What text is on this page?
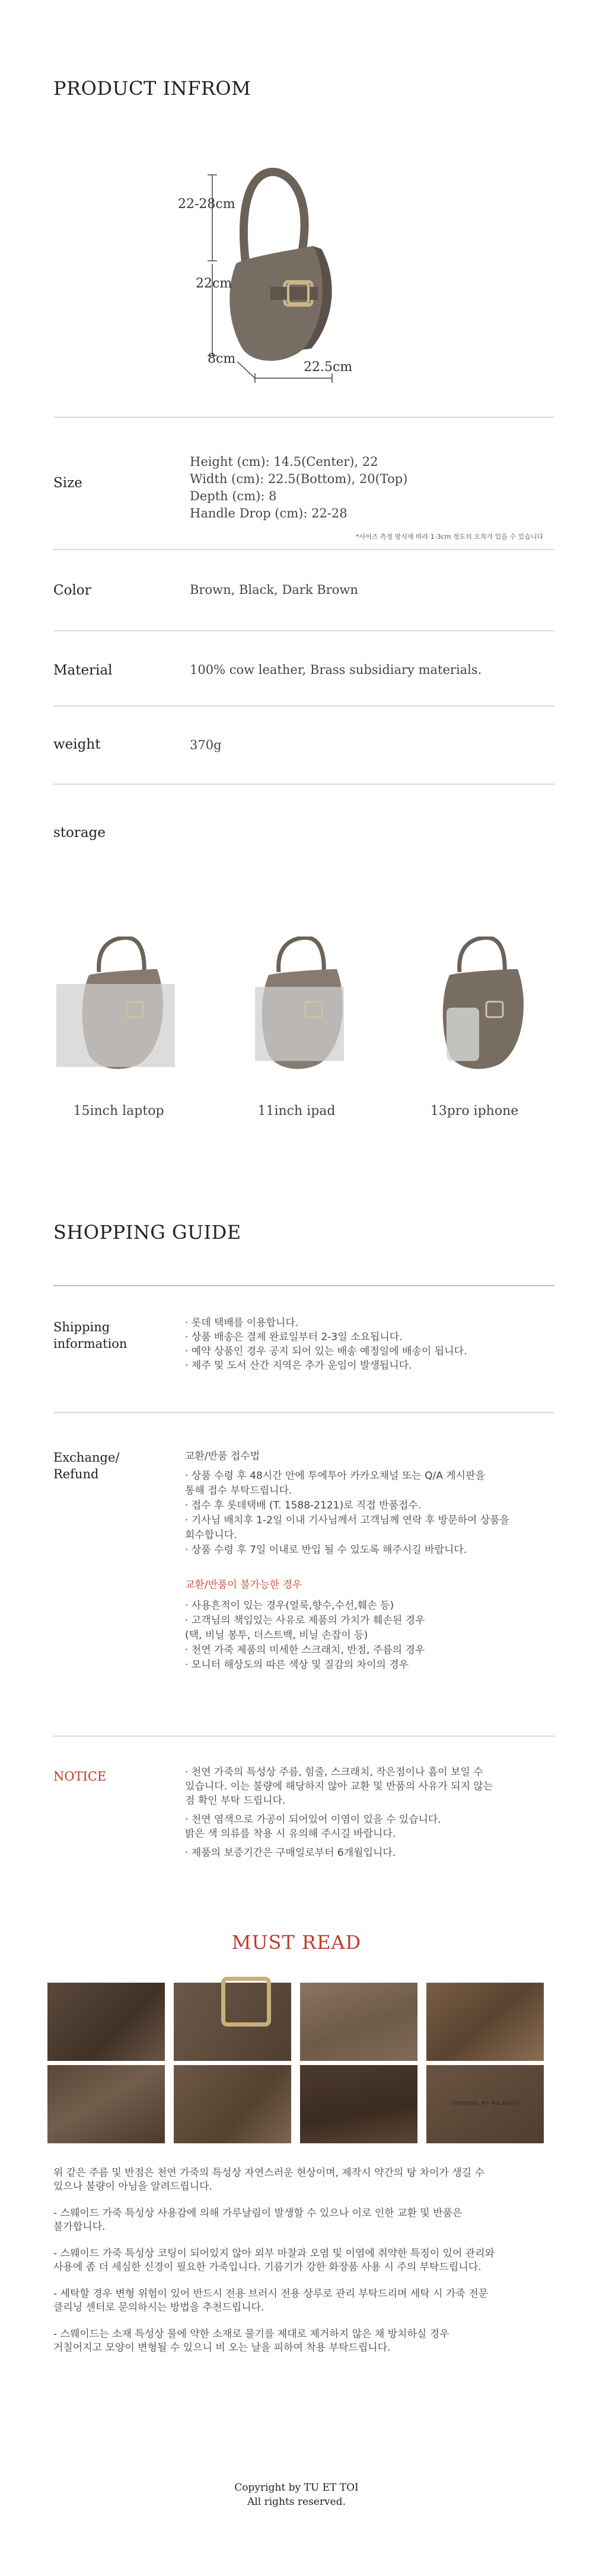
PRODUCT INFROM
22-28cm
22cm
8cm
22.5cm
Size
Height (cm): 14.5(Center), 22
Width (cm): 22.5(Bottom), 20(Top)
Depth (cm): 8
Handle Drop (cm): 22-28
*사이즈 측정 방식에 따라 1-3cm 정도의 오차가 있을 수 있습니다
Color	Brown, Black, Dark Brown
Material	100% cow leather, Brass subsidiary materials.
weight	370g
storage
15inch laptop	11inch ipad	13pro iphone
SHOPPING GUIDE
Shipping
information
· 롯데 택배를 이용합니다.
· 상품 배송은 결제 완료일부터 2-3일 소요됩니다.
· 예약 상품인 경우 공지 되어 있는 배송 예정일에 배송이 됩니다.
· 제주 및 도서 산간 지역은 추가 운임이 발생됩니다.
Exchange/
Refund
교환/반품 접수법
· 상품 수령 후 48시간 안에 투에투아 카카오채널 또는 Q/A 게시판을
통해 접수 부탁드립니다.
· 접수 후 롯데택배 (T. 1588-2121)로 직접 반품접수.
· 기사님 배치후 1-2일 이내 기사님께서 고객님께 연락 후 방문하여 상품을
회수합니다.
· 상품 수령 후 7일 이내로 반입 될 수 있도록 해주시길 바랍니다.
교환/반품이 불가능한 경우
· 사용흔적이 있는 경우(얼룩,향수,수선,훼손 등)
· 고객님의 책임있는 사유로 제품의 가치가 훼손된 경우
(택, 비닐 봉투, 더스트백, 비닐 손잡이 등)
· 천연 가죽 제품의 미세한 스크래치, 반점, 주름의 경우
· 모니터 해상도의 따른 색상 및 질감의 차이의 경우
NOTICE	· 천연 가죽의 특성상 주름, 힘줄, 스크래치, 작은점이나 흠이 보일 수
있습니다. 이는 불량에 해당하지 않아 교환 및 반품의 사유가 되지 않는
점 확인 부탁 드립니다.
· 천연 염색으로 가공이 되어있어 이염이 있을 수 있습니다.
밝은 색 의류를 착용 시 유의해 주시길 바랍니다.
· 제품의 보증기간은 구매일로부터 6개월입니다.
MUST READ
CONVERSE BY BULKAYOI
위 같은 주름 및 반점은 천연 가죽의 특성상 자연스러운 현상이며, 제작시 약간의 탕 차이가 생길 수
있으나 불량이 아님을 알려드립니다.
- 스웨이드 가죽 특성상 사용감에 의해 가루날림이 발생할 수 있으나 이로 인한 교환 및 반품은
불가합니다.
- 스웨이드 가죽 특성상 코팅이 되어있지 않아 외부 마찰과 오염 및 이염에 취약한 특징이 있어 관리와
사용에 좀 더 세심한 신경이 필요한 가죽입니다. 기름기가 강한 화장품 사용 시 주의 부탁드립니다.
- 세탁할 경우 변형 위험이 있어 반드시 전용 브러시 전용 상루로 관리 부탁드리며 세탁 시 가죽 전문
클리닝 센터로 문의하시는 방법을 추천드립니다.
- 스웨이드는 소재 특성상 물에 약한 소재로 물기를 제대로 제거하지 않은 채 방치하실 경우
거칠어지고 모양이 변형될 수 있으니 비 오는 날을 피하여 착용 부탁드립니다.
Copyright by TU ET TOI
All rights reserved.
